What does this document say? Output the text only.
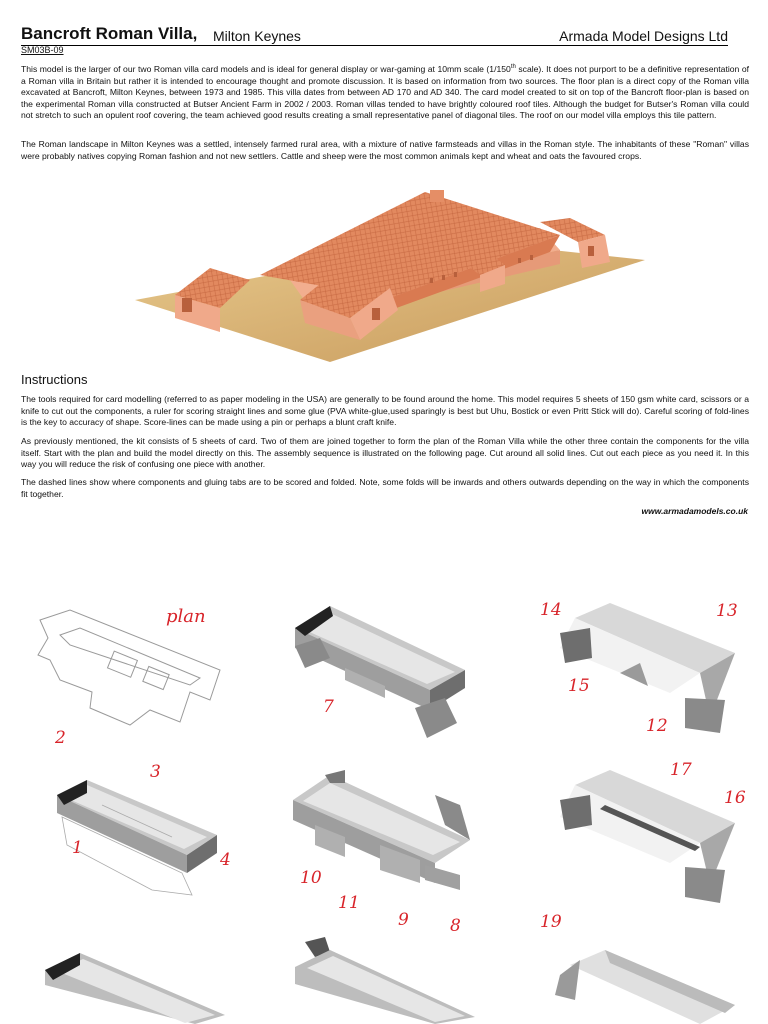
Bancroft Roman Villa, Milton Keynes	Armada Model Designs Ltd
SM03B-09

This model is the larger of our two Roman villa card models and is ideal for general display or war-gaming at 10mm scale (1/150th scale). It does not purport to be a definitive representation of a Roman villa in Britain but rather it is intended to encourage thought and promote discussion. It is based on information from two sources. The floor plan is a direct copy of the Roman villa excavated at Bancroft, Milton Keynes, between 1973 and 1985. This villa dates from between AD 170 and AD 340. The card model created to sit on top of the Bancroft floor-plan is based on the experimental Roman villa constructed at Butser Ancient Farm in 2002 / 2003. Roman villas tended to have brightly coloured roof tiles. Although the budget for Butser's Roman villa could not stretch to such an opulent roof covering, the team achieved good results creating a small representative panel of diagonal tiles. The roof on our model villa employs this tile pattern.

The Roman landscape in Milton Keynes was a settled, intensely farmed rural area, with a mixture of native farmsteads and villas in the Roman style. The inhabitants of these "Roman" villas were probably natives copying Roman fashion and not new settlers. Cattle and sheep were the most common animals kept and wheat and oats the favoured crops.

Instructions

The tools required for card modelling (referred to as paper modeling in the USA) are generally to be found around the home. This model requires 5 sheets of 150 gsm white card, scissors or a knife to cut out the components, a ruler for scoring straight lines and some glue (PVA white-glue,used sparingly is best but Uhu, Bostick or even Pritt Stick will do). Careful scoring of fold-lines is the key to accuracy of shape. Score-lines can be made using a pin or perhaps a blunt craft knife.

As previously mentioned, the kit consists of 5 sheets of card. Two of them are joined together to form the plan of the Roman Villa while the other three contain the components for the villa itself. Start with the plan and build the model directly on this. The assembly sequence is illustrated on the following page. Cut around all solid lines. Cut out each piece as you need it. In this way you will reduce the risk of confusing one piece with another.

The dashed lines show where components and gluing tabs are to be scored and folded. Note, some folds will be inwards and others outwards depending on the way in which the components fit together.

www.armadamodels.co.uk
plan
2
3
1
4
7
11
10
9 8
14	13
15
12
17
16
19
